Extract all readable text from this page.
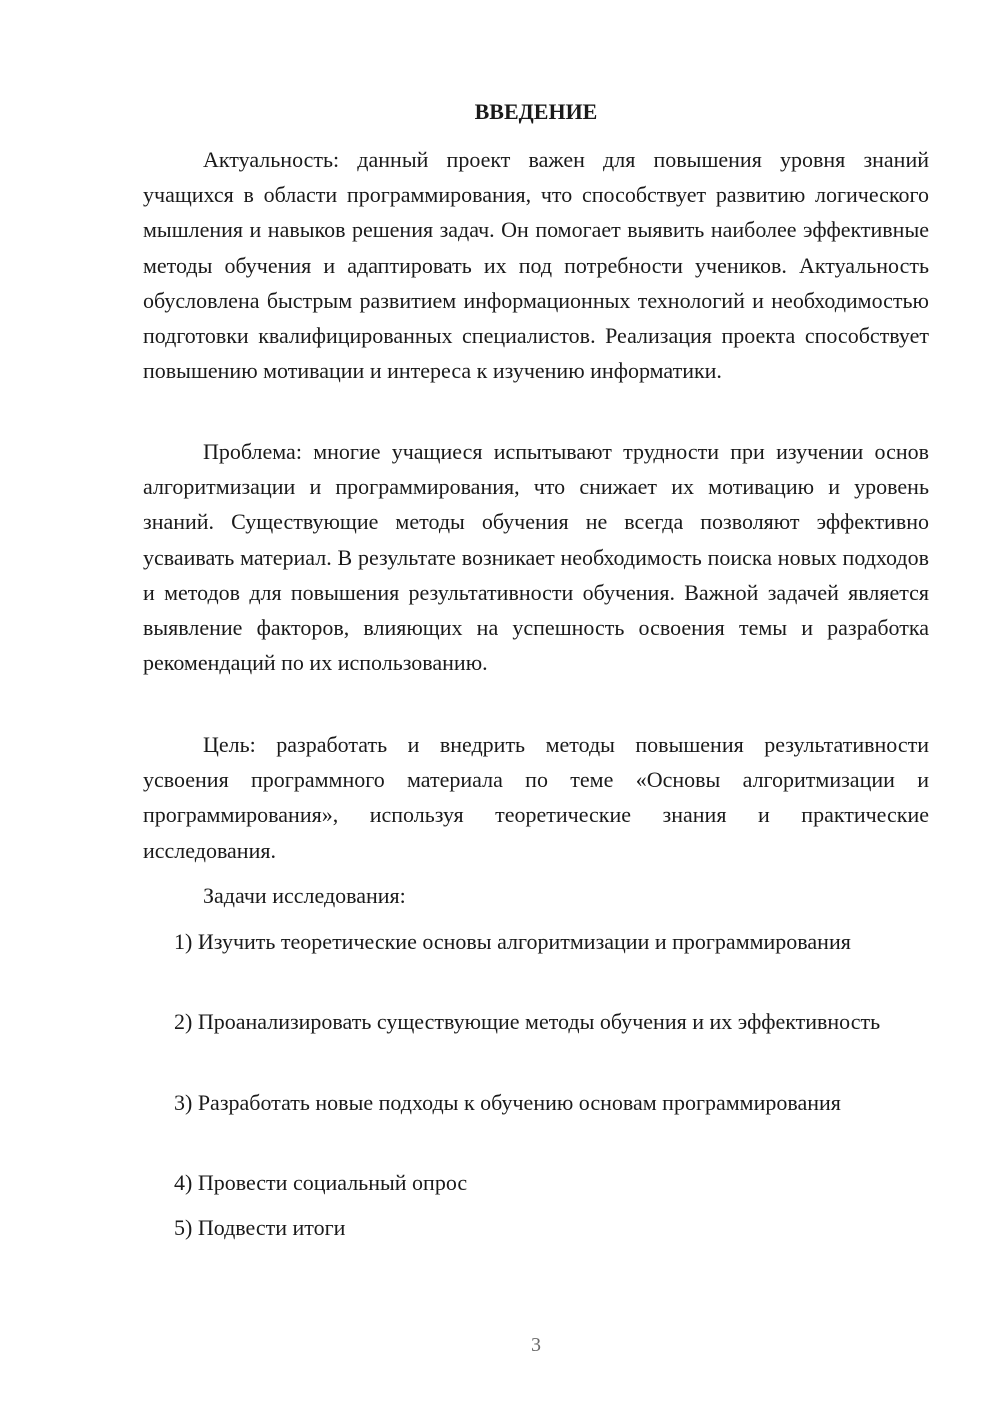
ВВЕДЕНИЕ

Актуальность: данный проект важен для повышения уровня знаний учащихся в области программирования, что способствует развитию логического мышления и навыков решения задач. Он помогает выявить наиболее эффективные методы обучения и адаптировать их под потребности учеников. Актуальность обусловлена быстрым развитием информационных технологий и необходимостью подготовки квалифицированных специалистов. Реализация проекта способствует повышению мотивации и интереса к изучению информатики.

Проблема: многие учащиеся испытывают трудности при изучении основ алгоритмизации и программирования, что снижает их мотивацию и уровень знаний. Существующие методы обучения не всегда позволяют эффективно усваивать материал. В результате возникает необходимость поиска новых подходов и методов для повышения результативности обучения. Важной задачей является выявление факторов, влияющих на успешность освоения темы и разработка рекомендаций по их использованию.

Цель: разработать и внедрить методы повышения результативности усвоения программного материала по теме «Основы алгоритмизации и программирования», используя теоретические знания и практические исследования.

Задачи исследования:

1) Изучить теоретические основы алгоритмизации и программирования

2) Проанализировать существующие методы обучения и их эффективность

3) Разработать новые подходы к обучению основам программирования

4) Провести социальный опрос

5) Подвести итоги

3
